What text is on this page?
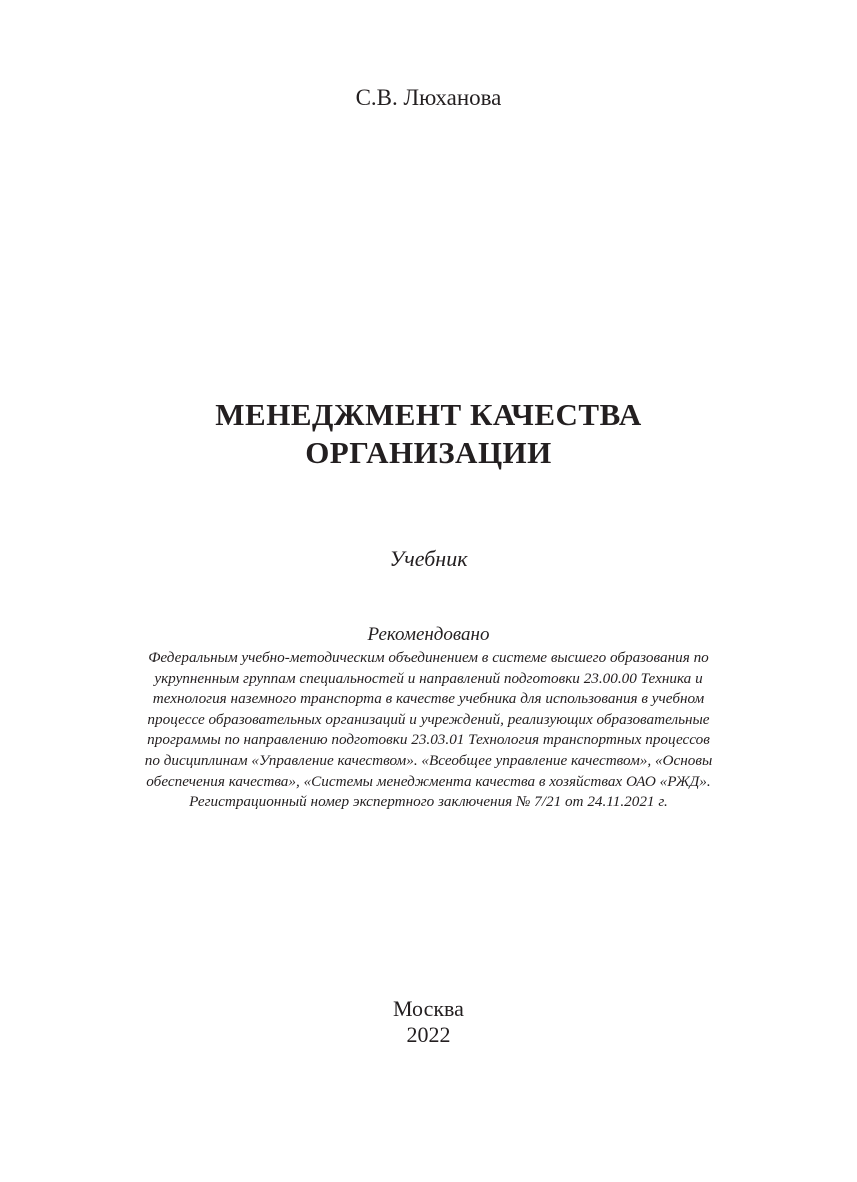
С.В. Люханова
МЕНЕДЖМЕНТ КАЧЕСТВА
ОРГАНИЗАЦИИ
Учебник
Рекомендовано
Федеральным учебно-методическим объединением в системе высшего образования по
укрупненным группам специальностей и направлений подготовки 23.00.00 Техника и
технология наземного транспорта в качестве учебника для использования в учебном
процессе образовательных организаций и учреждений, реализующих образовательные
программы по направлению подготовки 23.03.01 Технология транспортных процессов
по дисциплинам «Управление качеством». «Всеобщее управление качеством», «Основы
обеспечения качества», «Системы менеджмента качества в хозяйствах ОАО «РЖД».
Регистрационный номер экспертного заключения № 7/21 от 24.11.2021 г.
Москва
2022
